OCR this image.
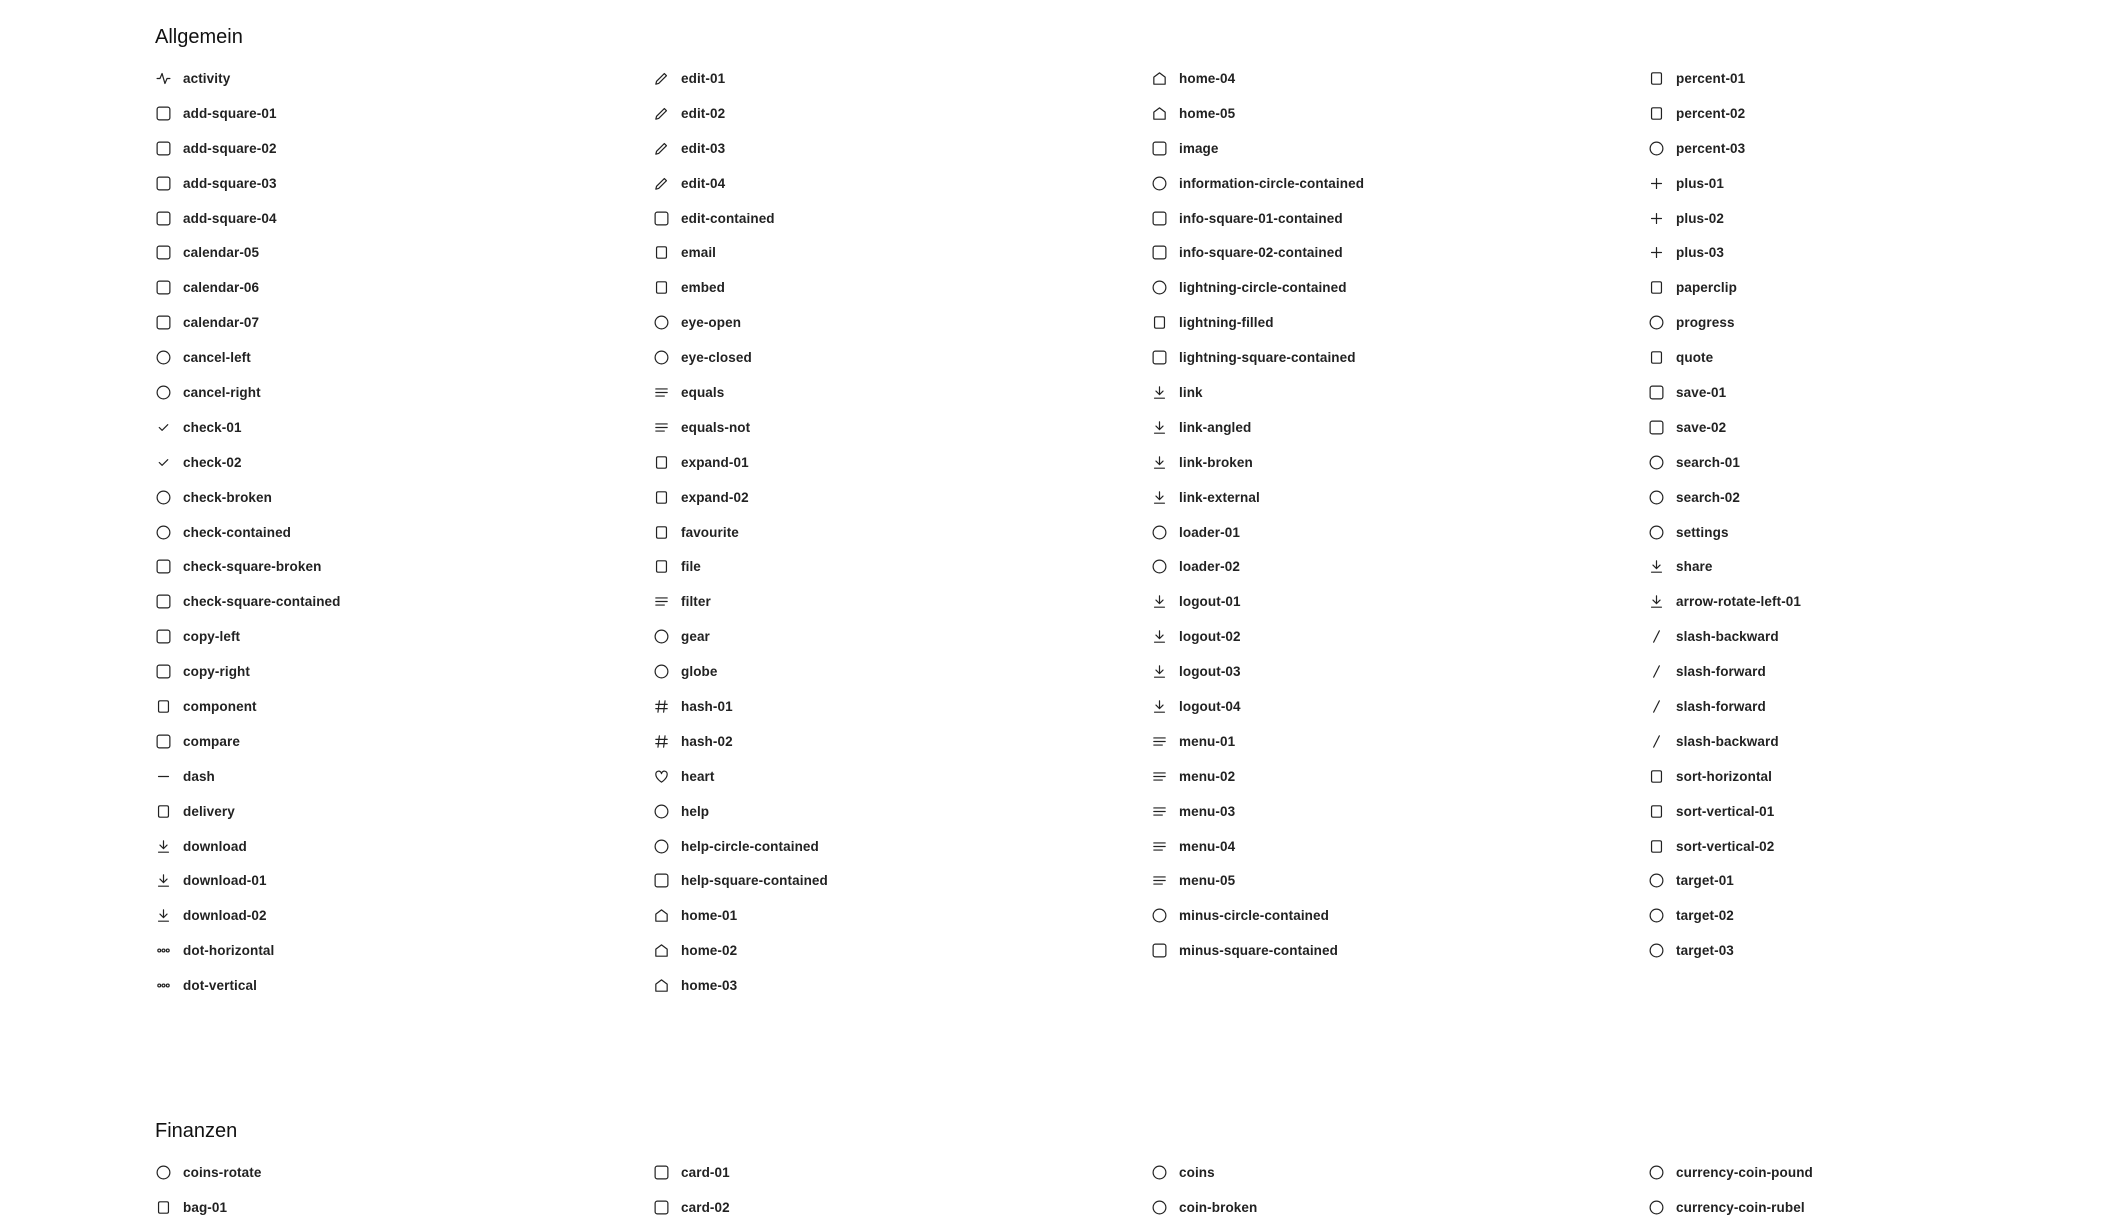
Allgemein
activity
add-square-01
add-square-02
add-square-03
add-square-04
calendar-05
calendar-06
calendar-07
cancel-left
cancel-right
check-01
check-02
check-broken
check-contained
check-square-broken
check-square-contained
copy-left
copy-right
component
compare
dash
delivery
download
download-01
download-02
dot-horizontal
dot-vertical
edit-01
edit-02
edit-03
edit-04
edit-contained
email
embed
eye-open
eye-closed
equals
equals-not
expand-01
expand-02
favourite
file
filter
gear
globe
hash-01
hash-02
heart
help
help-circle-contained
help-square-contained
home-01
home-02
home-03
home-04
home-05
image
information-circle-contained
info-square-01-contained
info-square-02-contained
lightning-circle-contained
lightning-filled
lightning-square-contained
link
link-angled
link-broken
link-external
loader-01
loader-02
logout-01
logout-02
logout-03
logout-04
menu-01
menu-02
menu-03
menu-04
menu-05
minus-circle-contained
minus-square-contained
percent-01
percent-02
percent-03
plus-01
plus-02
plus-03
paperclip
progress
quote
save-01
save-02
search-01
search-02
settings
share
arrow-rotate-left-01
slash-backward
slash-forward
slash-forward
slash-backward
sort-horizontal
sort-vertical-01
sort-vertical-02
target-01
target-02
target-03
Finanzen
coins-rotate
bag-01
card-01
card-02
coins
coin-broken
currency-coin-pound
currency-coin-rubel
